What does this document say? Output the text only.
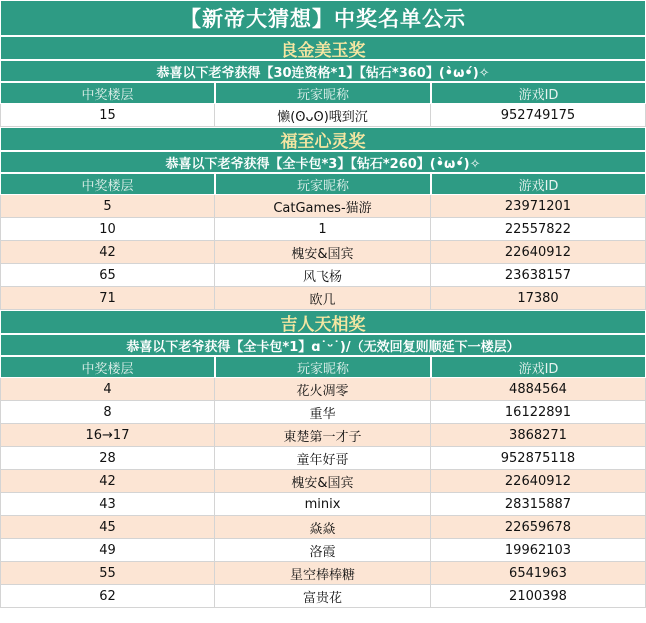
【新帝大猜想】中奖名单公示
良金美玉奖
恭喜以下老爷获得【30连资格*1】【钻石*360】(•̀ω•́)✧
中奖楼层	玩家昵称	游戏ID
15	懒(ʘᴗʘ)哦到沉	952749175
福至心灵奖
恭喜以下老爷获得【全卡包*3】【钻石*260】(•̀ω•́)✧
中奖楼层	玩家昵称	游戏ID
5	CatGames-猫游	23971201
10	1	22557822
42	槐安&国宾	22640912
65	风飞杨	23638157
71	欧几	17380
吉人天相奖
恭喜以下老爷获得【全卡包*1】ɑ˙ᵕ˙)/（无效回复则顺延下一楼层）
中奖楼层	玩家昵称	游戏ID
4	花火凋零	4884564
8	重华	16122891
16→17	東楚第一才子	3868271
28	童年好哥	952875118
42	槐安&国宾	22640912
43	minix	28315887
45	焱焱	22659678
49	洛霞	19962103
55	星空棒棒糖	6541963
62	富贵花	2100398
